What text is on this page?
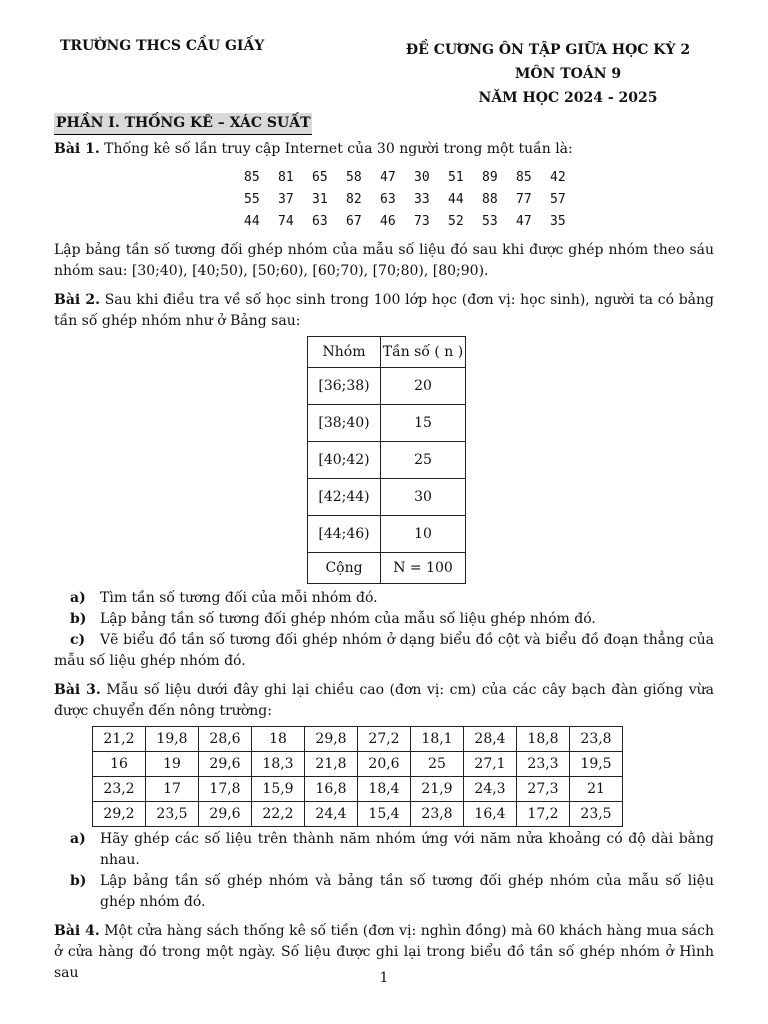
TRƯỜNG THCS CẦU GIẤY	ĐỀ CƯƠNG ÔN TẬP GIỮA HỌC KỲ 2
MÔN TOÁN 9
NĂM HỌC 2024 - 2025
PHẦN I. THỐNG KÊ – XÁC SUẤT

Bài 1. Thống kê số lần truy cập Internet của 30 người trong một tuần là:

85	81	65	58	47	30	51	89	85	42
55	37	31	82	63	33	44	88	77	57
44	74	63	67	46	73	52	53	47	35

Lập bảng tần số tương đối ghép nhóm của mẫu số liệu đó sau khi được ghép nhóm theo sáu nhóm sau: [30;40), [40;50), [50;60), [60;70), [70;80), [80;90).

Bài 2. Sau khi điều tra về số học sinh trong 100 lớp học (đơn vị: học sinh), người ta có bảng tần số ghép nhóm như ở Bảng sau:

Nhóm	Tần số ( n )
[36;38)	20
[38;40)	15
[40;42)	25
[42;44)	30
[44;46)	10
Cộng	N = 100
a) Tìm tần số tương đối của mỗi nhóm đó.
b) Lập bảng tần số tương đối ghép nhóm của mẫu số liệu ghép nhóm đó.
c) Vẽ biểu đồ tần số tương đối ghép nhóm ở dạng biểu đồ cột và biểu đồ đoạn thẳng của mẫu số liệu ghép nhóm đó.

Bài 3. Mẫu số liệu dưới đây ghi lại chiều cao (đơn vị: cm) của các cây bạch đàn giống vừa được chuyển đến nông trường:

21,2	19,8	28,6	18	29,8	27,2	18,1	28,4	18,8	23,8
16	19	29,6	18,3	21,8	20,6	25	27,1	23,3	19,5
23,2	17	17,8	15,9	16,8	18,4	21,9	24,3	27,3	21
29,2	23,5	29,6	22,2	24,4	15,4	23,8	16,4	17,2	23,5
a) Hãy ghép các số liệu trên thành năm nhóm ứng với năm nửa khoảng có độ dài bằng nhau.
b) Lập bảng tần số ghép nhóm và bảng tần số tương đối ghép nhóm của mẫu số liệu ghép nhóm đó.

Bài 4. Một cửa hàng sách thống kê số tiền (đơn vị: nghìn đồng) mà 60 khách hàng mua sách ở cửa hàng đó trong một ngày. Số liệu được ghi lại trong biểu đồ tần số ghép nhóm ở Hình sau	1
